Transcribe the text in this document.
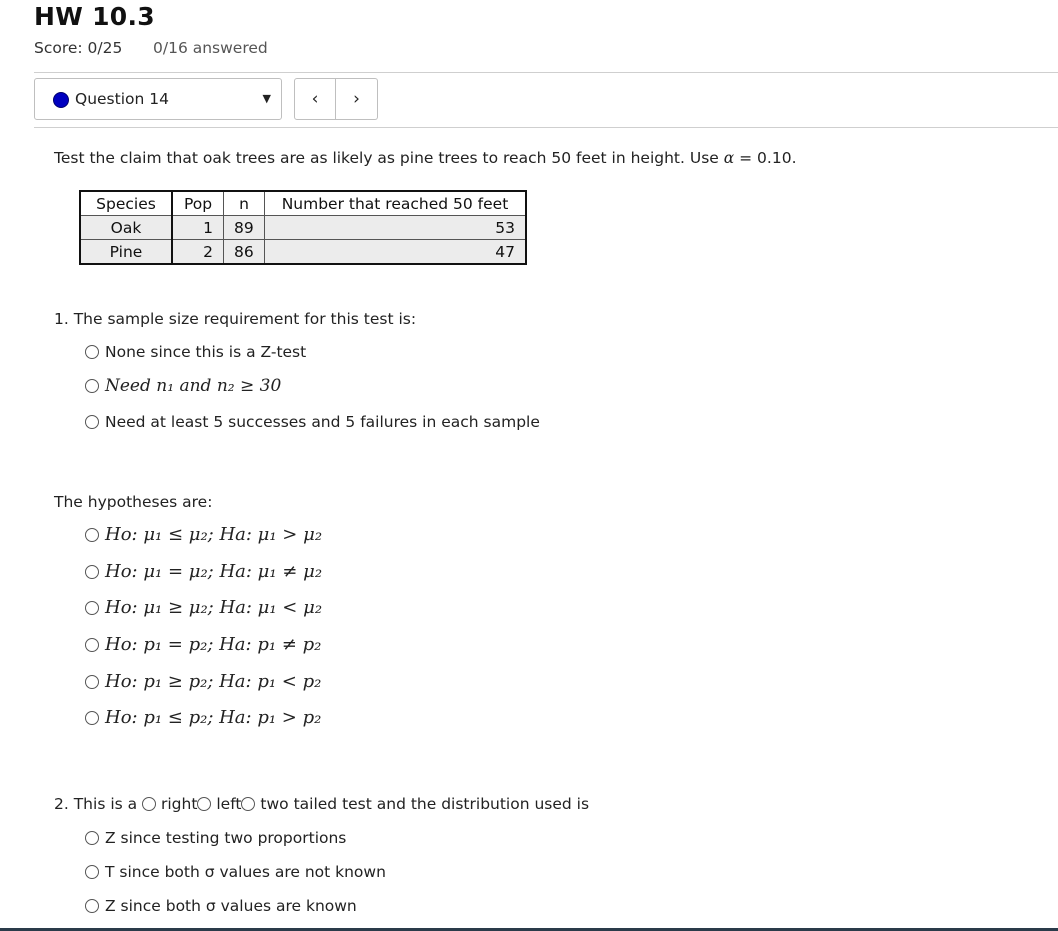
HW 10.3
Score: 0/25 0/16 answered
Question 14	▼ ‹ ›
Test the claim that oak trees are as likely as pine trees to reach 50 feet in height. Use α = 0.10.
Species	Pop	n	Number that reached 50 feet
Oak	1	89	53
Pine	2	86	47
1. The sample size requirement for this test is:
None since this is a Z-test
Need n₁ and n₂ ≥ 30
Need at least 5 successes and 5 failures in each sample
The hypotheses are:
Ho: μ₁ ≤ μ₂; Ha: μ₁ > μ₂
Ho: μ₁ = μ₂; Ha: μ₁ ≠ μ₂
Ho: μ₁ ≥ μ₂; Ha: μ₁ < μ₂
Ho: p₁ = p₂; Ha: p₁ ≠ p₂
Ho: p₁ ≥ p₂; Ha: p₁ < p₂
Ho: p₁ ≤ p₂; Ha: p₁ > p₂
2. This is a  right left two tailed test and the distribution used is
Z since testing two proportions
T since both σ values are not known
Z since both σ values are known
